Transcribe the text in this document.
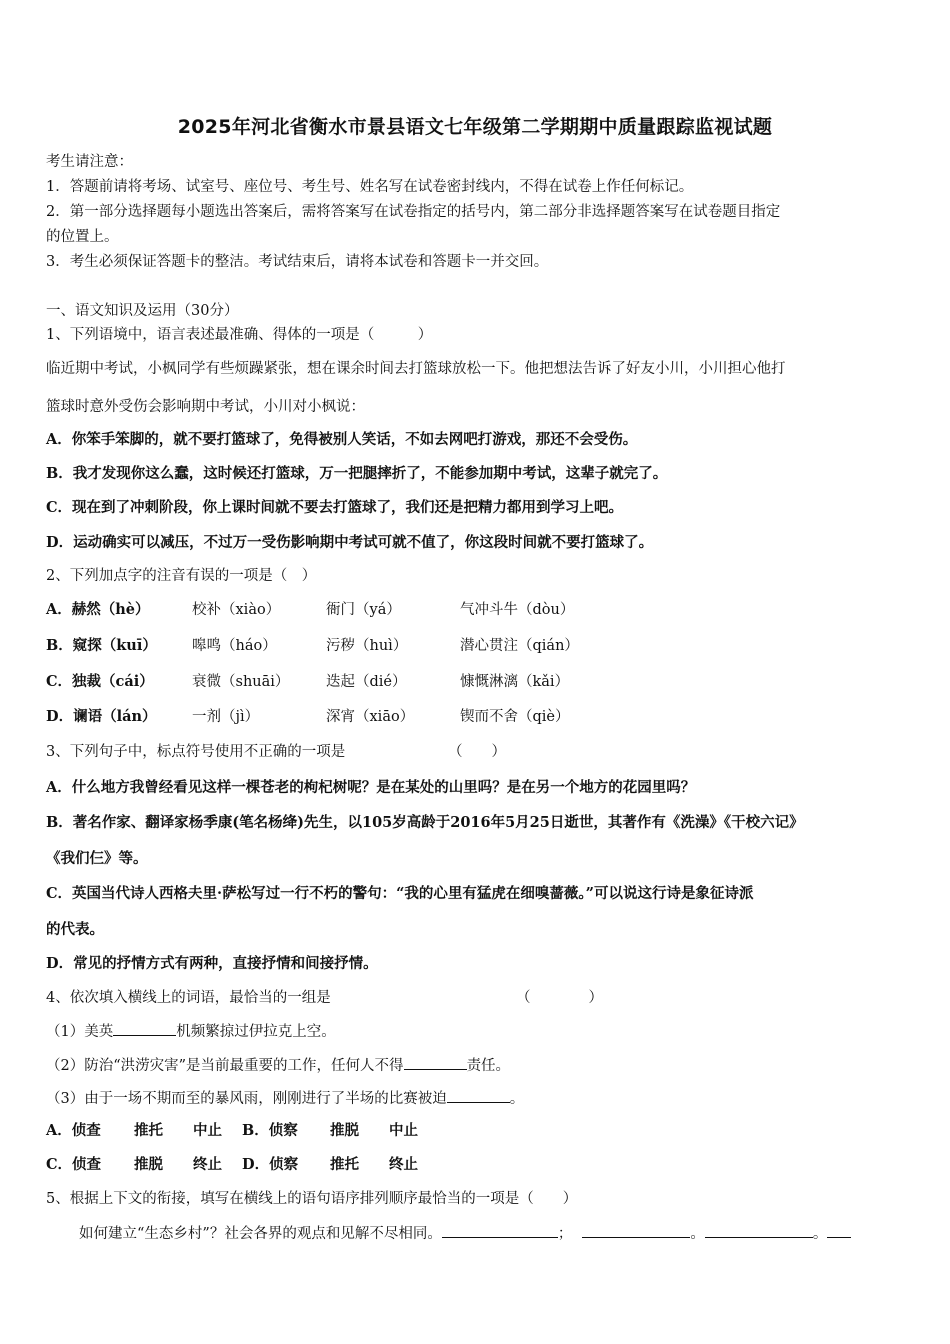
2025年河北省衡水市景县语文七年级第二学期期中质量跟踪监视试题
考生请注意：
1．答题前请将考场、试室号、座位号、考生号、姓名写在试卷密封线内，不得在试卷上作任何标记。
2．第一部分选择题每小题选出答案后，需将答案写在试卷指定的括号内，第二部分非选择题答案写在试卷题目指定
的位置上。
3．考生必须保证答题卡的整洁。考试结束后，请将本试卷和答题卡一并交回。
一、语文知识及运用（30分）
1、下列语境中，语言表述最准确、得体的一项是（　　　）
临近期中考试，小枫同学有些烦躁紧张，想在课余时间去打篮球放松一下。他把想法告诉了好友小川，小川担心他打
篮球时意外受伤会影响期中考试，小川对小枫说：
A．你笨手笨脚的，就不要打篮球了，免得被别人笑话，不如去网吧打游戏，那还不会受伤。
B．我才发现你这么蠢，这时候还打篮球，万一把腿摔折了，不能参加期中考试，这辈子就完了。
C．现在到了冲刺阶段，你上课时间就不要去打篮球了，我们还是把精力都用到学习上吧。
D．运动确实可以减压，不过万一受伤影响期中考试可就不值了，你这段时间就不要打篮球了。
2、下列加点字的注音有误的一项是（　）
A．赫然（hè）	校补（xiào）	衙门（yá）	气冲斗牛（dòu）
B．窥探（kuī） 嗥鸣（háo）	污秽（huì）	潜心贯注（qián）
C．独裁（cái）	衰微（shuāi）	迭起（dié）	慷慨淋漓（kǎi）
D．谰语（lán） 一剂（jì）	深宵（xiāo）	锲而不舍（qiè）
3、下列句子中，标点符号使用不正确的一项是	（　　）
A．什么地方我曾经看见这样一棵苍老的枸杞树呢？是在某处的山里吗？是在另一个地方的花园里吗？
B．著名作家、翻译家杨季康(笔名杨绛)先生，以105岁高龄于2016年5月25日逝世，其著作有《洗澡》《干校六记》
《我们仨》等。
C．英国当代诗人西格夫里·萨松写过一行不朽的警句：“我的心里有猛虎在细嗅蔷薇。”可以说这行诗是象征诗派
的代表。
D．常见的抒情方式有两种，直接抒情和间接抒情。
4、依次填入横线上的词语，最恰当的一组是	（　　　　）
（1）美英	机频繁掠过伊拉克上空。
（2）防治“洪涝灾害”是当前最重要的工作，任何人不得	责任。
（3）由于一场不期而至的暴风雨，刚刚进行了半场的比赛被迫	。
A．侦查 推托 中止 B．侦察 推脱 中止
C．侦查 推脱 终止 D．侦察 推托 终止
5、根据上下文的衔接，填写在横线上的语句语序排列顺序最恰当的一项是（　　）
如何建立“生态乡村”？社会各界的观点和见解不尽相同。	；	。	。
